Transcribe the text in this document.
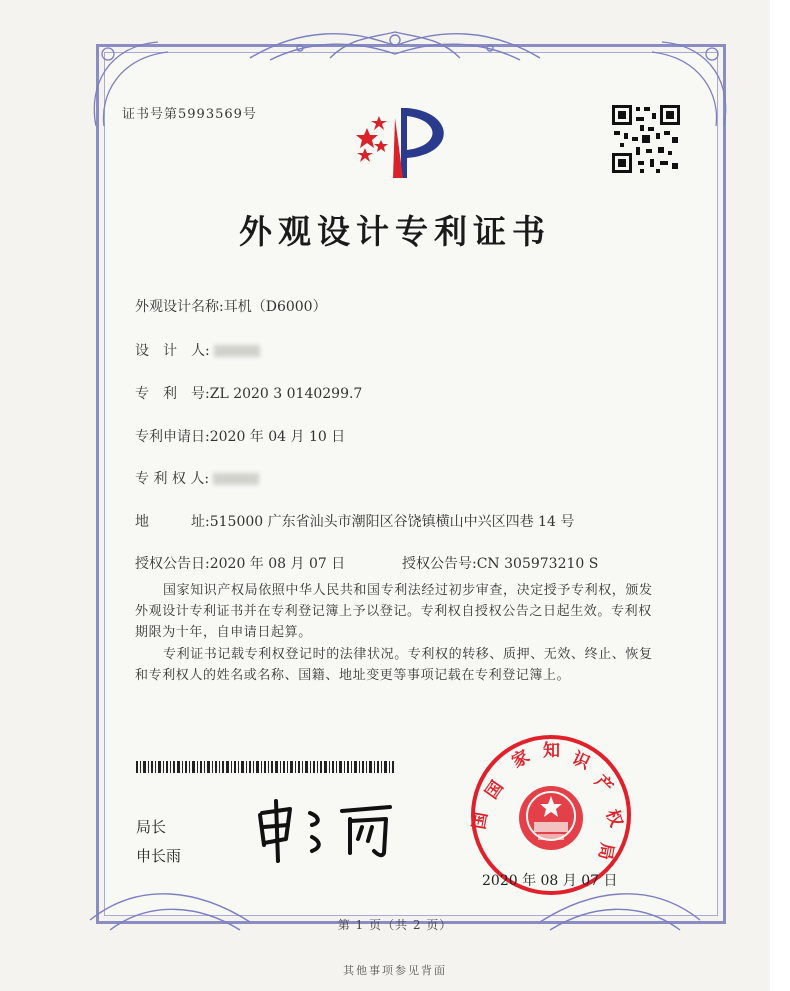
证书号第5993569号
外观设计专利证书
外观设计名称:耳机（D6000）
设　计　人:
专　利　号:ZL 2020 3 0140299.7
专利申请日:2020 年 04 月 10 日
专 利 权 人:
地　　　址:515000 广东省汕头市潮阳区谷饶镇横山中兴区四巷 14 号
授权公告日:2020 年 08 月 07 日	授权公告号:CN 305973210 S
国家知识产权局依照中华人民共和国专利法经过初步审查，决定授予专利权，颁发外观设计专利证书并在专利登记簿上予以登记。专利权自授权公告之日起生效。专利权期限为十年，自申请日起算。
专利证书记载专利权登记时的法律状况。专利权的转移、质押、无效、终止、恢复和专利权人的姓名或名称、国籍、地址变更等事项记载在专利登记簿上。
局长
申长雨
国
家 知 识
产
权
局
国
2020 年 08 月 07 日
第 1 页（共 2 页）
其他事项参见背面
